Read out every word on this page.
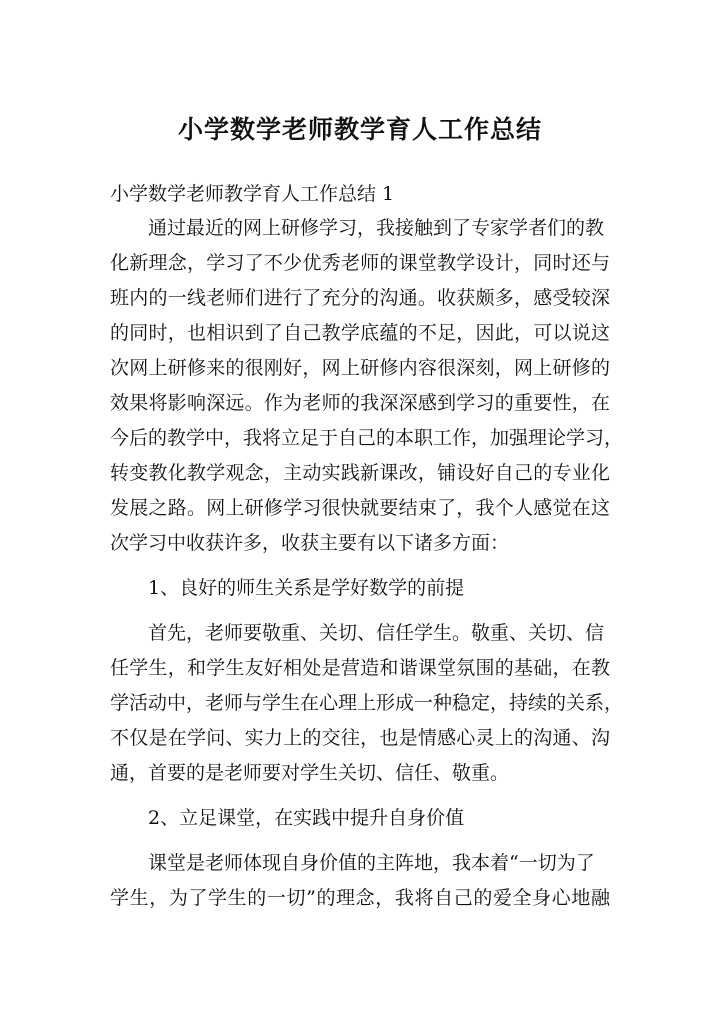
小学数学老师教学育人工作总结
小学数学老师教学育人工作总结 1
通过最近的网上研修学习，我接触到了专家学者们的教
化新理念，学习了不少优秀老师的课堂教学设计，同时还与
班内的一线老师们进行了充分的沟通。收获颇多，感受较深
的同时，也相识到了自己教学底蕴的不足，因此，可以说这
次网上研修来的很刚好，网上研修内容很深刻，网上研修的
效果将影响深远。作为老师的我深深感到学习的重要性，在
今后的教学中，我将立足于自己的本职工作，加强理论学习，
转变教化教学观念，主动实践新课改，铺设好自己的专业化
发展之路。网上研修学习很快就要结束了，我个人感觉在这
次学习中收获许多，收获主要有以下诸多方面：
1、良好的师生关系是学好数学的前提
首先，老师要敬重、关切、信任学生。敬重、关切、信
任学生，和学生友好相处是营造和谐课堂氛围的基础，在教
学活动中，老师与学生在心理上形成一种稳定，持续的关系，
不仅是在学问、实力上的交往，也是情感心灵上的沟通、沟
通，首要的是老师要对学生关切、信任、敬重。
2、立足课堂，在实践中提升自身价值
课堂是老师体现自身价值的主阵地，我本着“一切为了
学生，为了学生的一切”的理念，我将自己的爱全身心地融
